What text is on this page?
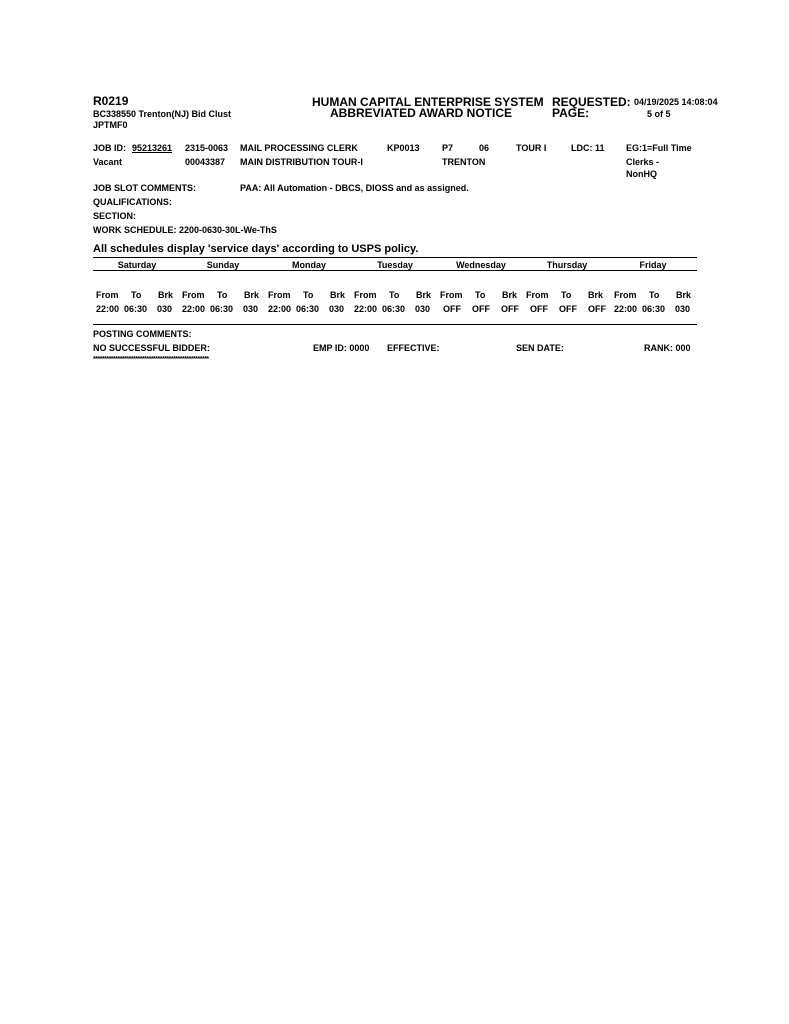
R0219
BC338550 Trenton(NJ) Bid Clust
JPTMF0
HUMAN CAPITAL ENTERPRISE SYSTEM
ABBREVIATED AWARD NOTICE
REQUESTED: 04/19/2025 14:08:04
PAGE:	5 of 5
JOB ID: 95213261 2315-0063 MAIL PROCESSING CLERK	KP0013 P7	06	TOUR I	LDC: 11 EG:1=Full Time
Vacant	00043387 MAIN DISTRIBUTION TOUR-I	TRENTON	Clerks -
NonHQ
JOB SLOT COMMENTS:	PAA: All Automation - DBCS, DIOSS and as assigned.
QUALIFICATIONS:
SECTION:
WORK SCHEDULE: 2200-0630-30L-We-ThS
All schedules display 'service days' according to USPS policy.
Saturday	Sunday	Monday	Tuesday	Wednesday	Thursday	Friday
From To Brk From To Brk From To Brk From To Brk From To Brk From To Brk From To Brk
22:00 06:30 030 22:00 06:30 030 22:00 06:30 030 22:00 06:30 030 OFF OFF OFF OFF OFF OFF 22:00 06:30 030
POSTING COMMENTS:
NO SUCCESSFUL BIDDER:	EMP ID: 0000 EFFECTIVE:	SEN DATE:	RANK: 000
****************************************************
